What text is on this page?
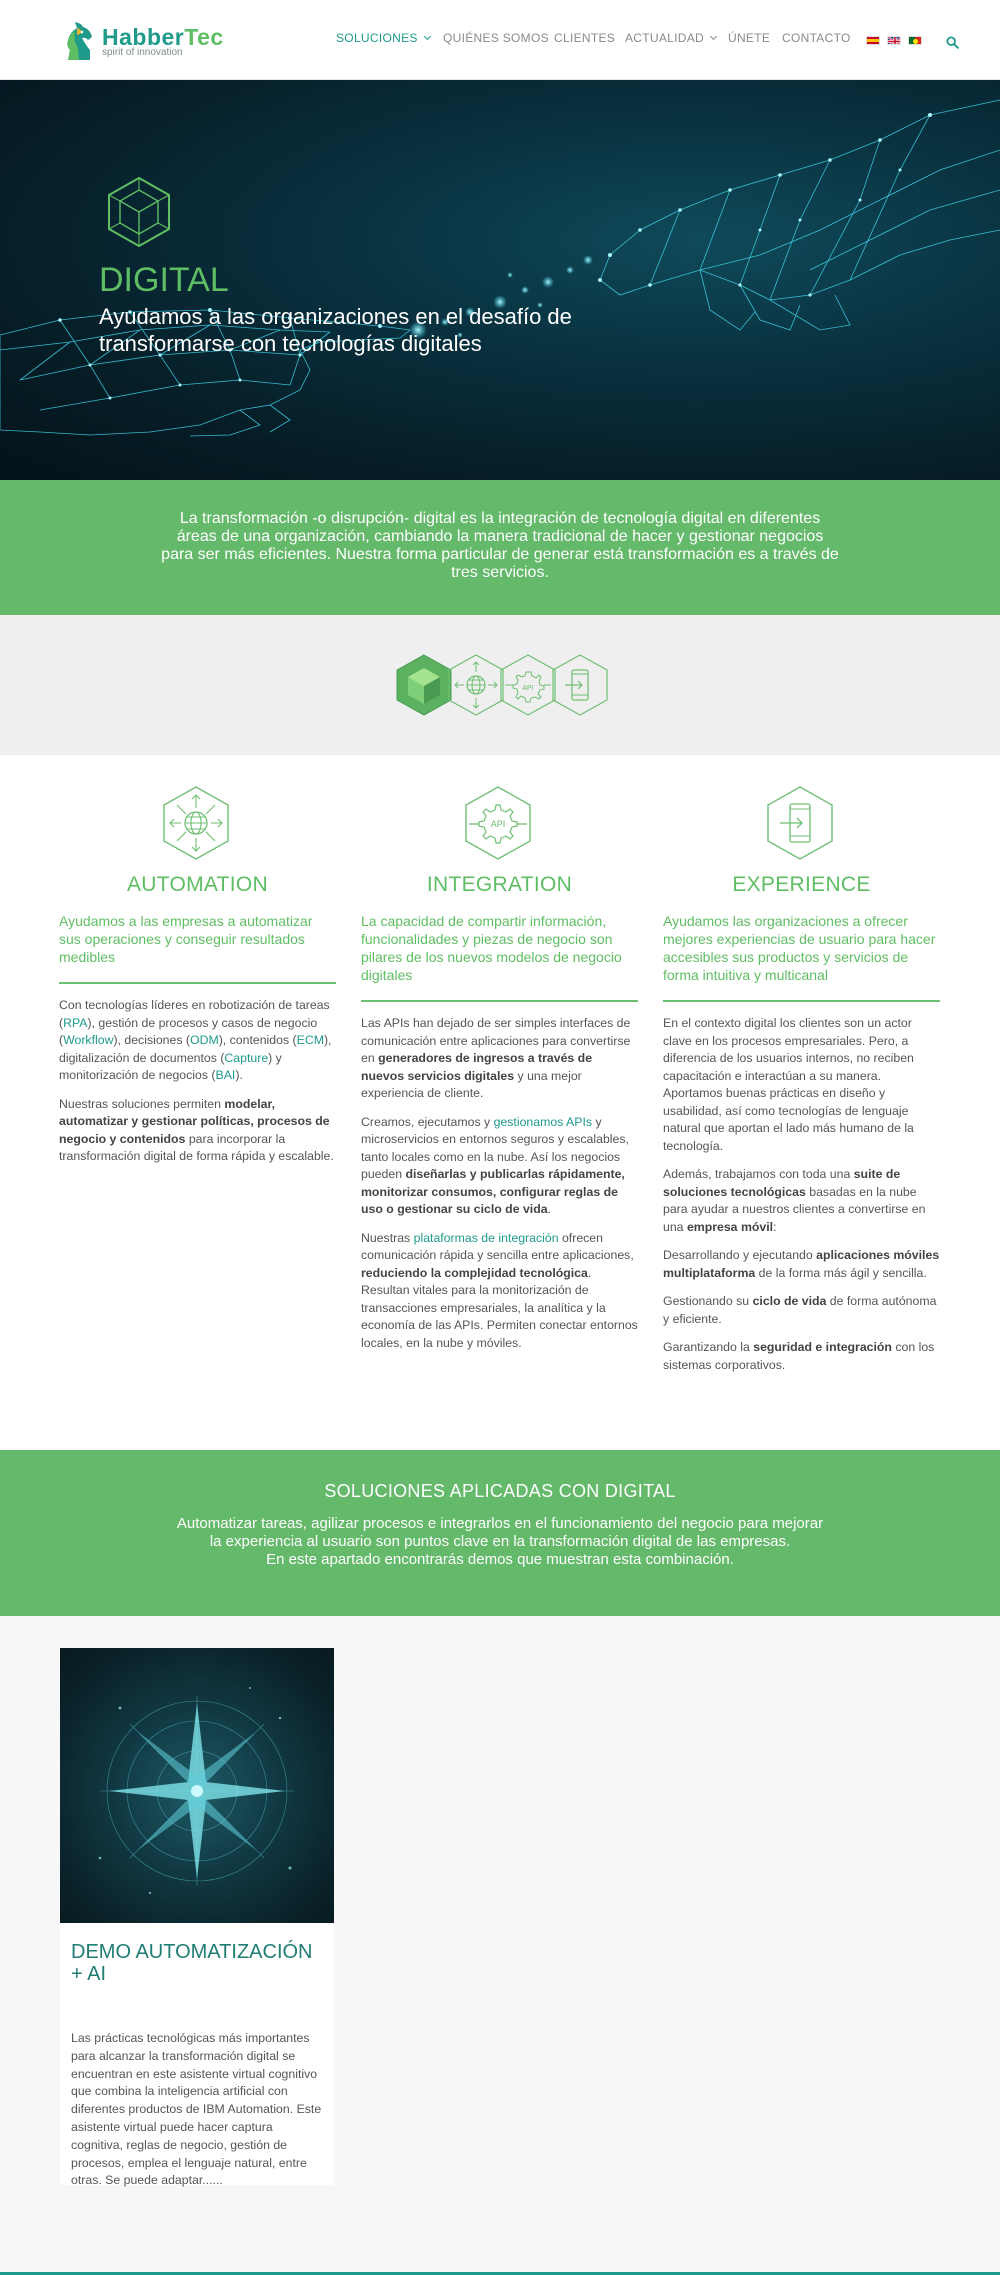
HabberTec
spirit of innovation
SOLUCIONES	QUIÉNES SOMOS CLIENTES ACTUALIDAD	ÚNETE CONTACTO
DIGITAL
Ayudamos a las organizaciones en el desafío de transformarse con tecnologías digitales
La transformación -o disrupción- digital es la integración de tecnología digital en diferentes áreas de una organización, cambiando la manera tradicional de hacer y gestionar negocios para ser más eficientes. Nuestra forma particular de generar está transformación es a través de tres servicios.
API
AUTOMATION
Ayudamos a las empresas a automatizar sus operaciones y conseguir resultados medibles

Con tecnologías líderes en robotización de tareas (RPA), gestión de procesos y casos de negocio (Workflow), decisiones (ODM), contenidos (ECM), digitalización de documentos (Capture) y monitorización de negocios (BAI).

Nuestras soluciones permiten modelar, automatizar y gestionar políticas, procesos de negocio y contenidos para incorporar la transformación digital de forma rápida y escalable.

API
INTEGRATION
La capacidad de compartir información, funcionalidades y piezas de negocio son pilares de los nuevos modelos de negocio digitales

Las APIs han dejado de ser simples interfaces de comunicación entre aplicaciones para convertirse en generadores de ingresos a través de nuevos servicios digitales y una mejor experiencia de cliente.

Creamos, ejecutamos y gestionamos APIs y microservicios en entornos seguros y escalables, tanto locales como en la nube. Así los negocios pueden diseñarlas y publicarlas rápidamente, monitorizar consumos, configurar reglas de uso o gestionar su ciclo de vida.

Nuestras plataformas de integración ofrecen comunicación rápida y sencilla entre aplicaciones, reduciendo la complejidad tecnológica. Resultan vitales para la monitorización de transacciones empresariales, la analítica y la economía de las APIs. Permiten conectar entornos locales, en la nube y móviles.

EXPERIENCE
Ayudamos las organizaciones a ofrecer mejores experiencias de usuario para hacer accesibles sus productos y servicios de forma intuitiva y multicanal

En el contexto digital los clientes son un actor clave en los procesos empresariales. Pero, a diferencia de los usuarios internos, no reciben capacitación e interactúan a su manera. Aportamos buenas prácticas en diseño y usabilidad, así como tecnologías de lenguaje natural que aportan el lado más humano de la tecnología.

Además, trabajamos con toda una suite de soluciones tecnológicas basadas en la nube para ayudar a nuestros clientes a convertirse en una empresa móvil:

Desarrollando y ejecutando aplicaciones móviles multiplataforma de la forma más ágil y sencilla.

Gestionando su ciclo de vida de forma autónoma y eficiente.

Garantizando la seguridad e integración con los sistemas corporativos.

SOLUCIONES APLICADAS CON DIGITAL
Automatizar tareas, agilizar procesos e integrarlos en el funcionamiento del negocio para mejorar la experiencia al usuario son puntos clave en la transformación digital de las empresas.
En este apartado encontrarás demos que muestran esta combinación.
DEMO AUTOMATIZACIÓN + AI
Las prácticas tecnológicas más importantes para alcanzar la transformación digital se encuentran en este asistente virtual cognitivo que combina la inteligencia artificial con diferentes productos de IBM Automation. Este asistente virtual puede hacer captura cognitiva, reglas de negocio, gestión de procesos, emplea el lenguaje natural, entre otras. Se puede adaptar......
